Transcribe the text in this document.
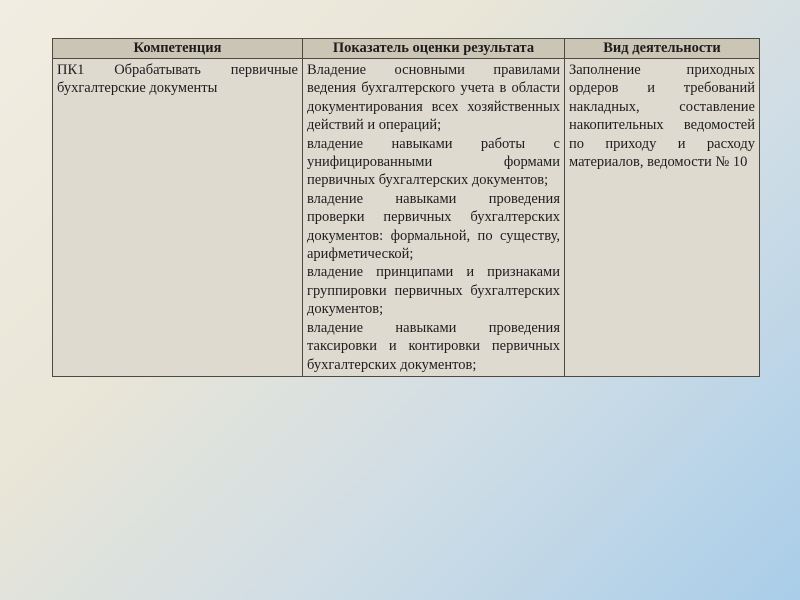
Компетенция	Показатель оценки результата	Вид деятельности
ПК1 Обрабатывать первичные бухгалтерские документы	Владение основными правилами ведения бухгалтерского учета в области документирования всех хозяйственных действий и операций;

владение навыками работы с унифицированными формами первичных бухгалтерских документов;

владение навыками проведения проверки первичных бухгалтерских документов: формальной, по существу, арифметической;

владение принципами и признаками группировки первичных бухгалтерских документов;

владение навыками проведения таксировки и контировки первичных бухгалтерских документов;	Заполнение приходных ордеров и требований накладных, составление накопительных ведомостей по приходу и расходу материалов, ведомости № 10
